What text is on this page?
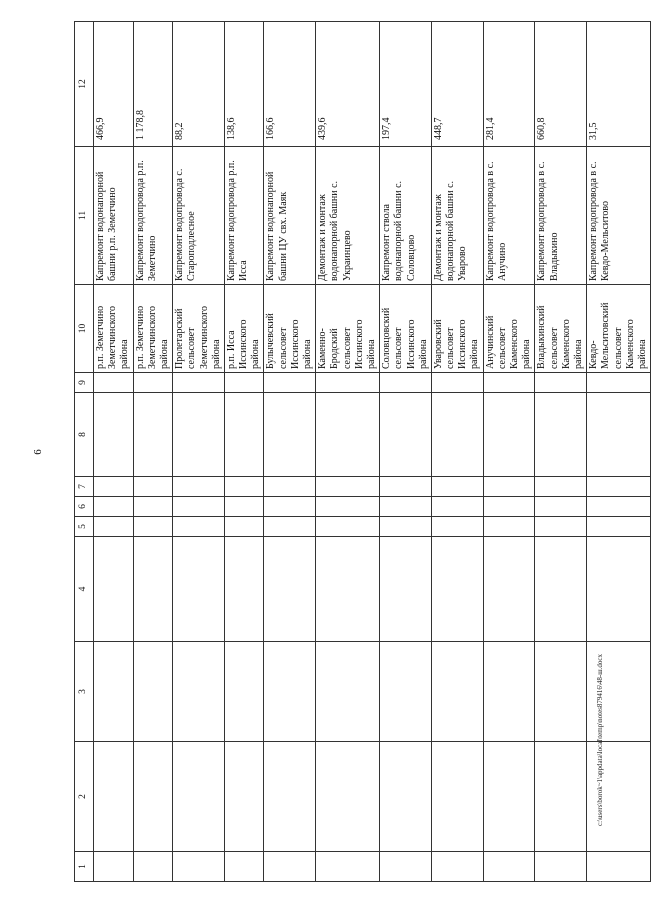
6
1	2	3	4	5	6	7	8	9	10	11	12
									р.п. Земетчино Земетчинского района	Капремонт водонапорной башни р.п. Земетчино	466,9
									р.п. Земетчино Земетчинского района	Капремонт водопровода р.п. Земетчино	1 178,8
									Пролетарский сельсовет Земетчинского района	Капремонт водопровода с. Староподлесное	88,2
									р.п. Исса Иссинского района	Капремонт водопровода р.п. Исса	138,6
									Булычевский сельсовет Иссинского района	Капремонт водонапорной башни ЦУ свх. Маяк	166,6
									Каменно-Бродский сельсовет Иссинского района	Демонтаж и монтаж водонапорной башни с. Украинцево	439,6
									Соловцовский сельсовет Иссинского района	Капремонт ствола водонапорной башни с. Соловцово	197,4
									Уваровский сельсовет Иссинского района	Демонтаж и монтаж водонапорной башни с. Уварово	448,7
									Анучинский сельсовет Каменского района	Капремонт водопровода в с. Анучино	281,4
									Владыкинский сельсовет Каменского района	Капремонт водопровода в с. Владыкино	660,8
									Кевдо-Мельситовский сельсовет Каменского района	Капремонт водопровода в с. Кевдо-Мельситово	31,5
c:\users\borok~1\appdata\local\temp\notes879416\48-ш.docx
